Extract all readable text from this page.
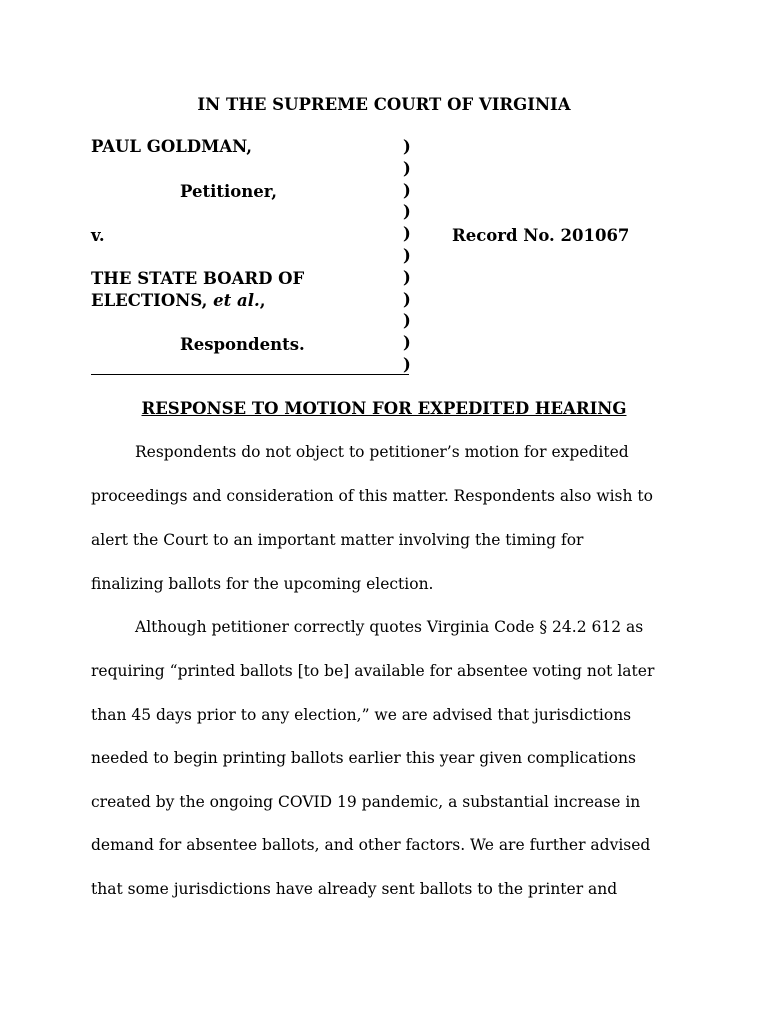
IN THE SUPREME COURT OF VIRGINIA
PAUL GOLDMAN,
Petitioner,
v.
THE STATE BOARD OF
ELECTIONS, et al.,
Respondents.
)
)
)
)
)
)
)
)
)
)
)
Record No. 201067
RESPONSE TO MOTION FOR EXPEDITED HEARING
Respondents do not object to petitioner’s motion for expedited
proceedings and consideration of this matter. Respondents also wish to
alert the Court to an important matter involving the timing for
finalizing ballots for the upcoming election.
Although petitioner correctly quotes Virginia Code § 24.2 612 as
requiring “printed ballots [to be] available for absentee voting not later
than 45 days prior to any election,” we are advised that jurisdictions
needed to begin printing ballots earlier this year given complications
created by the ongoing COVID 19 pandemic, a substantial increase in
demand for absentee ballots, and other factors. We are further advised
that some jurisdictions have already sent ballots to the printer and
